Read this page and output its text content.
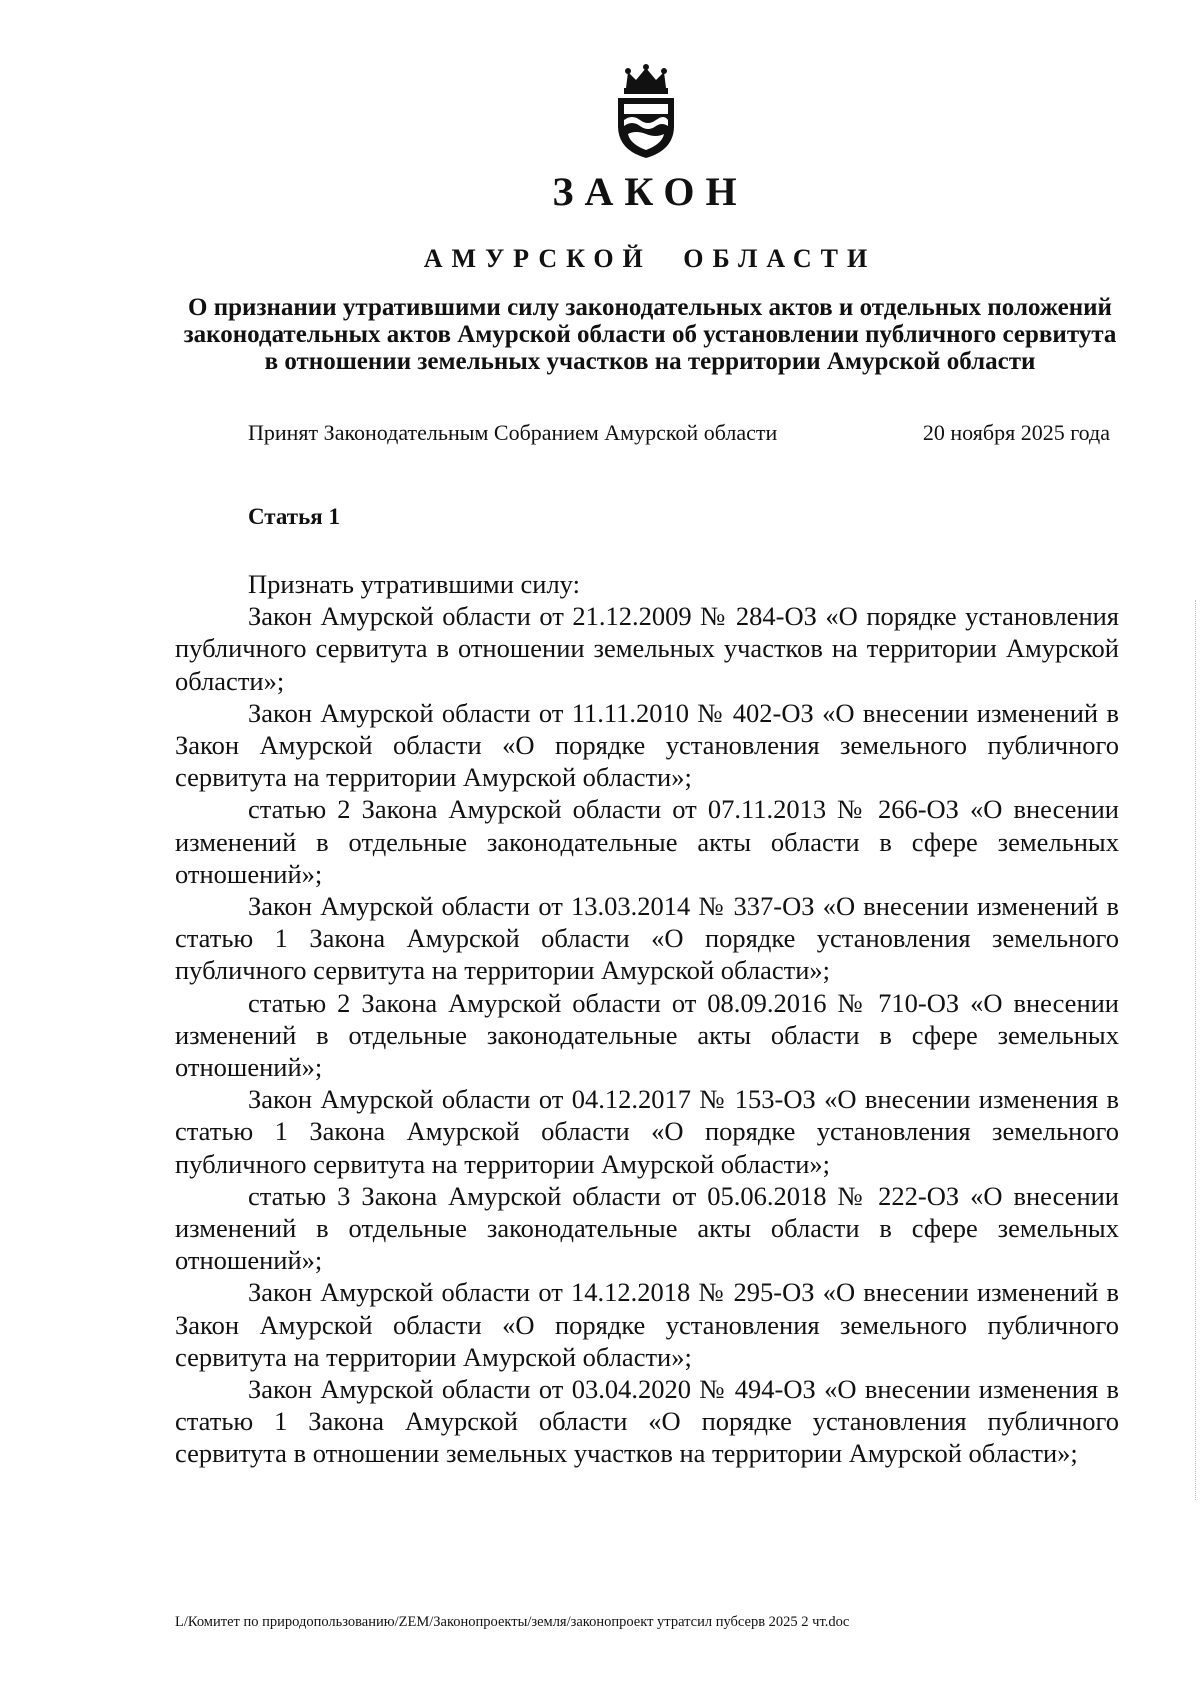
ЗАКОН
АМУРСКОЙ ОБЛАСТИ
О признании утратившими силу законодательных актов и отдельных положений законодательных актов Амурской области об установлении публичного сервитута в отношении земельных участков на территории Амурской области
Принят Законодательным Собранием Амурской области	20 ноября 2025 года
Статья 1

Признать утратившими силу:

Закон Амурской области от 21.12.2009 № 284-ОЗ «О порядке установления публичного сервитута в отношении земельных участков на территории Амурской области»;

Закон Амурской области от 11.11.2010 № 402-ОЗ «О внесении изменений в Закон Амурской области «О порядке установления земельного публичного сервитута на территории Амурской области»;

статью 2 Закона Амурской области от 07.11.2013 № 266-ОЗ «О внесении изменений в отдельные законодательные акты области в сфере земельных отношений»;

Закон Амурской области от 13.03.2014 № 337-ОЗ «О внесении изменений в статью 1 Закона Амурской области «О порядке установления земельного публичного сервитута на территории Амурской области»;

статью 2 Закона Амурской области от 08.09.2016 № 710-ОЗ «О внесении изменений в отдельные законодательные акты области в сфере земельных отношений»;

Закон Амурской области от 04.12.2017 № 153-ОЗ «О внесении изменения в статью 1 Закона Амурской области «О порядке установления земельного публичного сервитута на территории Амурской области»;

статью 3 Закона Амурской области от 05.06.2018 № 222-ОЗ «О внесении изменений в отдельные законодательные акты области в сфере земельных отношений»;

Закон Амурской области от 14.12.2018 № 295-ОЗ «О внесении изменений в Закон Амурской области «О порядке установления земельного публичного сервитута на территории Амурской области»;

Закон Амурской области от 03.04.2020 № 494-ОЗ «О внесении изменения в статью 1 Закона Амурской области «О порядке установления публичного сервитута в отношении земельных участков на территории Амурской области»;

L/Комитет по природопользованию/ZEM/Законопроекты/земля/законопроект утратсил пубсерв 2025 2 чт.doc
